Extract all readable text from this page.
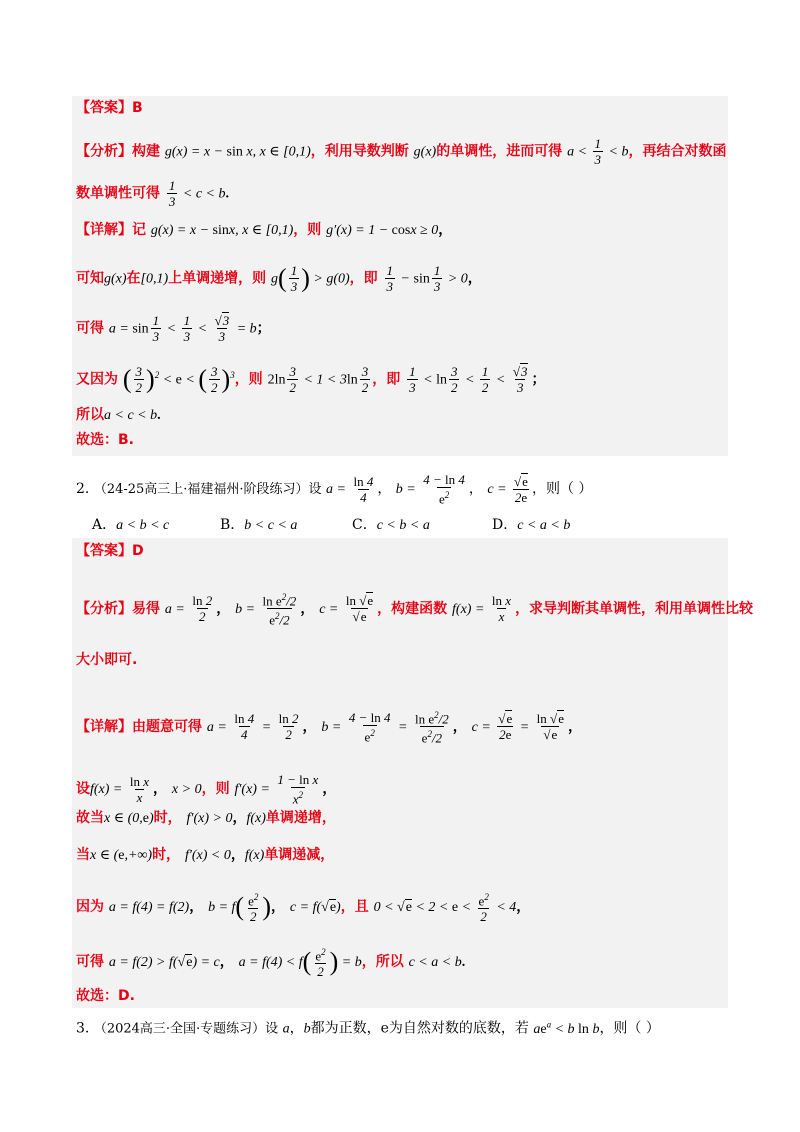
【答案】B
【分析】构建 g(x) = x − sin x, x ∈ [0,1)，利用导数判断 g(x)的单调性，进而可得 $a < \frac{1}{3} < b$，再结合对数函
数单调性可得 $\frac{1}{3} < c < b$.
【详解】记 g(x) = x − sinx, x ∈ [0,1)，则 g′(x) = 1 − cosx ≥ 0，
可知g(x)在[0,1)上单调递增，则 $g( \frac{1}{3}$ ) > g(0)，即 $\frac{1}{3} - \sin \frac{1}{3} > 0$，
可得 $a = \sin \frac{1}{3} < \frac{1}{3} < \frac{√3}{3} = b$；
又因为 ( $\frac{3}{2} )^2 < e$ < ( $\frac{3}{2} )^3$，则 $2\ln \frac{3}{2} < 1 < 3\ln \frac{3}{2}$ ，即 $\frac{1}{3} < \ln \frac{3}{2} < \frac{1}{2} < \frac{√3}{3}$ ；
所以a < c < b.
故选：B.
2. （24-25高三上·福建福州·阶段练习）设 $a = \frac{\ln 4}{4}$ ， $b = \frac{4 - \ln 4}{e^2}$ ， $c = \frac{√e}{2e}$ ，则（ ）
A．a < b < c	B．b < c < a	C．c < b < a	D．c < a < b
【答案】D
【分析】易得 $a = \frac{\ln 2}{2}$ ， $b = \frac{\ln e^2/2}{e^2/2}$ ， $c = \frac{\ln √e}{√e}$ ，构建函数 $f(x) = \frac{\text{ln x}}{x}$ ，求导判断其单调性，利用单调性比较
大小即可.
【详解】由题意可得 $a = \frac{\ln 4}{4} = \frac{\ln 2}{2}$ ， $b = \frac{4 - \ln 4}{e^2} = \frac{\ln e^2/2}{e^2/2}$ ， $c = \frac{√e}{2e} = \frac{\ln √e}{√e}$ ，
设$f(x) = \frac{\text{ln x}}{x}$ ， x > 0，则 $f'(x) = \frac{\text{1 − ln x}}{x^2}$ ，
故当x ∈ (0,e)时， f′(x) > 0，f(x)单调递增，
当x ∈ (e,+∞)时， f′(x) < 0，f(x)单调递减，
因为 a = f(4) = f(2)， $b = f( \frac{e^2}{2}$ )， c = f(√e)，且 $0 < √e < 2 < e < \frac{e^2}{2} < 4$，
可得 a = f(2) > f(√e) = c， $a = f(4) < f( \frac{e^2}{2}$ ) = b，所以 c < a < b.
故选：D.
3. （2024高三·全国·专题练习）设 a，b都为正数，e为自然对数的底数，若 $ae^a < b$ ln b，则（ ）
